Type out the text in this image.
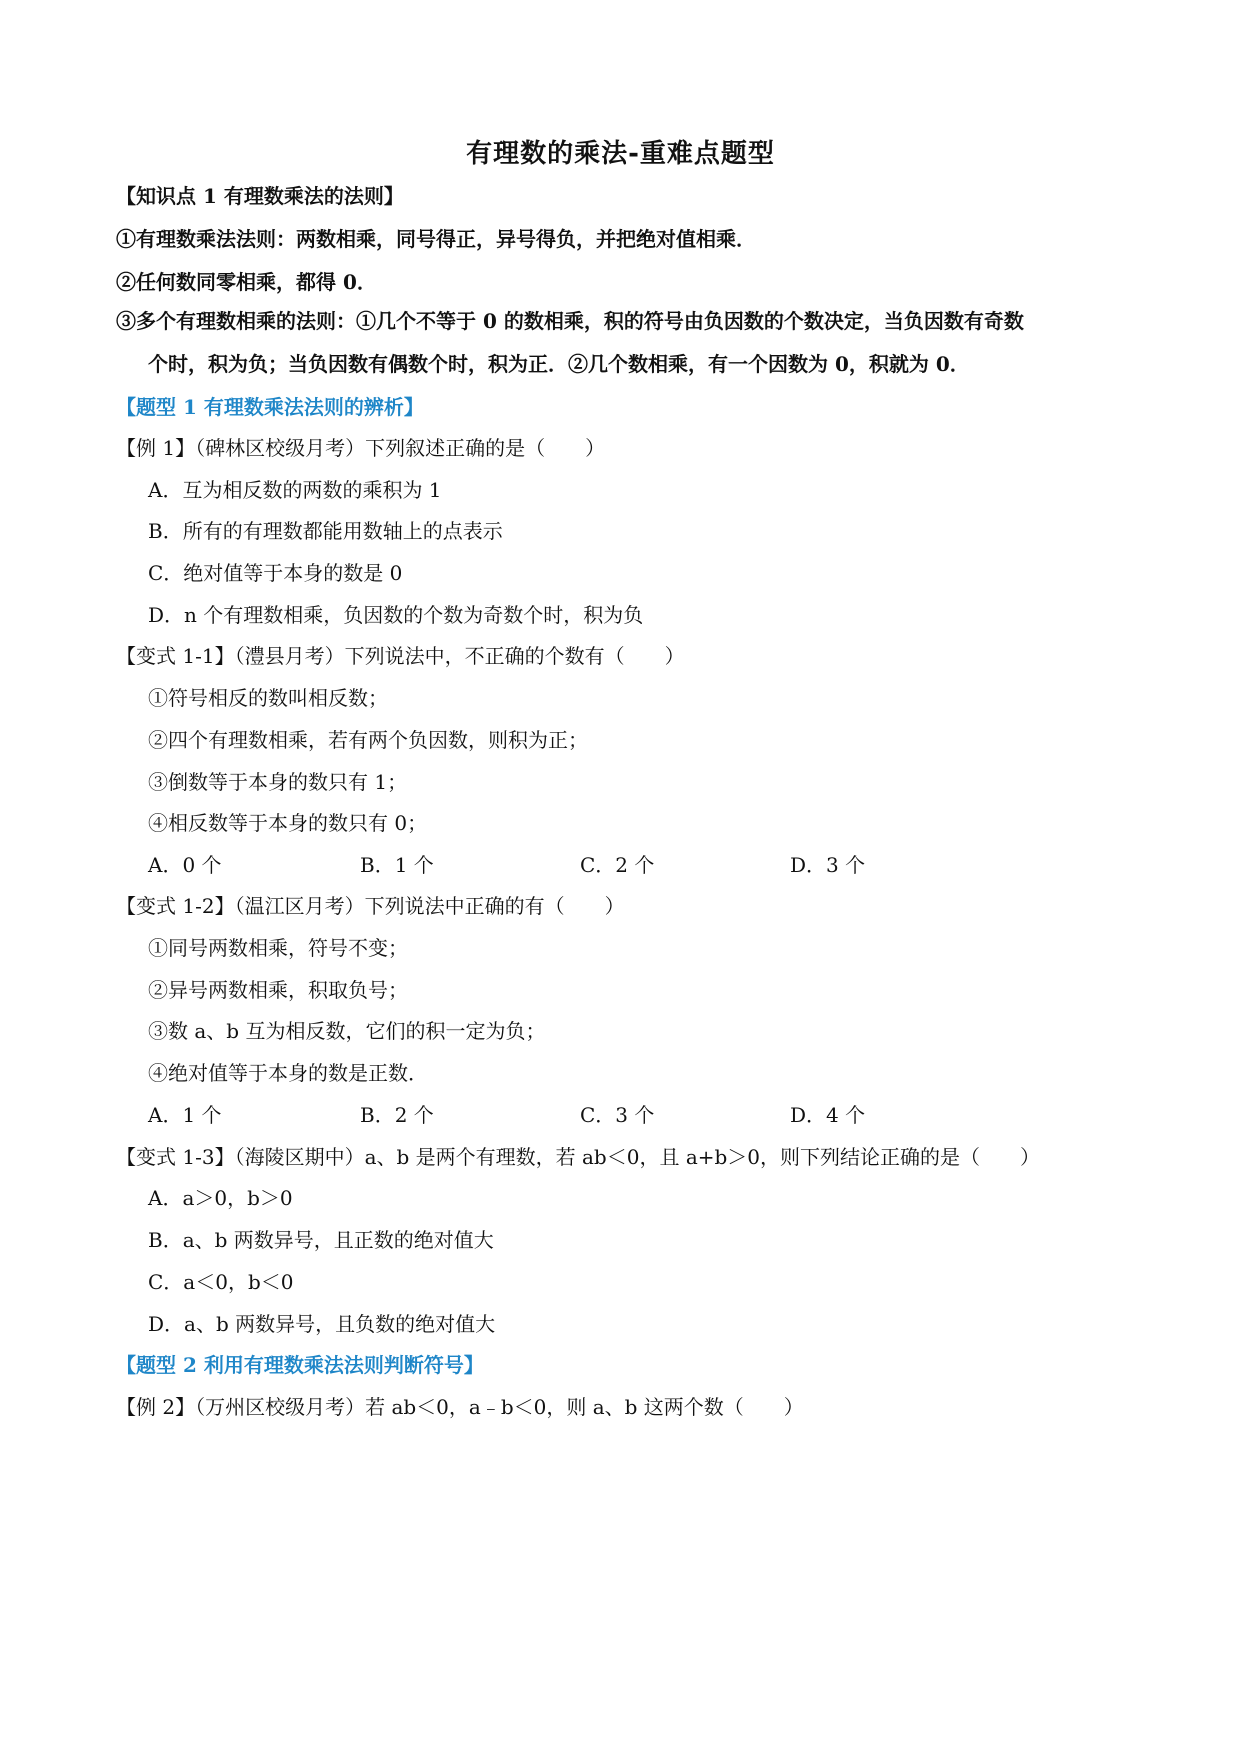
有理数的乘法-重难点题型
【知识点 1 有理数乘法的法则】
①有理数乘法法则：两数相乘，同号得正，异号得负，并把绝对值相乘．
②任何数同零相乘，都得 0．
③多个有理数相乘的法则：①几个不等于 0 的数相乘，积的符号由负因数的个数决定，当负因数有奇数
个时，积为负；当负因数有偶数个时，积为正．②几个数相乘，有一个因数为 0，积就为 0．
【题型 1 有理数乘法法则的辨析】
【例 1】（碑林区校级月考）下列叙述正确的是（　　）
A．互为相反数的两数的乘积为 1
B．所有的有理数都能用数轴上的点表示
C．绝对值等于本身的数是 0
D．n 个有理数相乘，负因数的个数为奇数个时，积为负
【变式 1-1】（澧县月考）下列说法中，不正确的个数有（　　）
①符号相反的数叫相反数；
②四个有理数相乘，若有两个负因数，则积为正；
③倒数等于本身的数只有 1；
④相反数等于本身的数只有 0；
A．0 个	B．1 个	C．2 个	D．3 个
【变式 1-2】（温江区月考）下列说法中正确的有（　　）
①同号两数相乘，符号不变；
②异号两数相乘，积取负号；
③数 a、b 互为相反数，它们的积一定为负；
④绝对值等于本身的数是正数．
A．1 个	B．2 个	C．3 个	D．4 个
【变式 1-3】（海陵区期中）a、b 是两个有理数，若 ab＜0，且 a+b＞0，则下列结论正确的是（　　）
A．a＞0，b＞0
B．a、b 两数异号，且正数的绝对值大
C．a＜0，b＜0
D．a、b 两数异号，且负数的绝对值大
【题型 2 利用有理数乘法法则判断符号】
【例 2】（万州区校级月考）若 ab＜0，a﹣b＜0，则 a、b 这两个数（　　）
